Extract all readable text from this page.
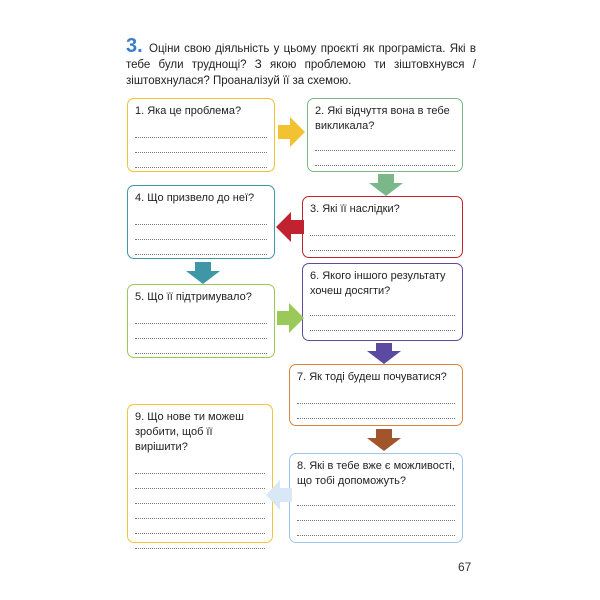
3. Оціни свою діяльність у цьому проєкті як програміста. Які в тебе були труднощі? З якою проблемою ти зіштовхнувся / зіштовхнулася? Проаналізуй її за схемою.
1. Яка це проблема?	2. Які відчуття вона в тебе викликала?
3. Які її наслідки?
4. Що призвело до неї?
5. Що її підтримувало?
6. Якого іншого результату хочеш досягти?
7. Як тоді будеш почуватися?
8. Які в тебе вже є можливості, що тобі допоможуть?
9. Що нове ти можеш зробити, щоб її вирішити?
67
